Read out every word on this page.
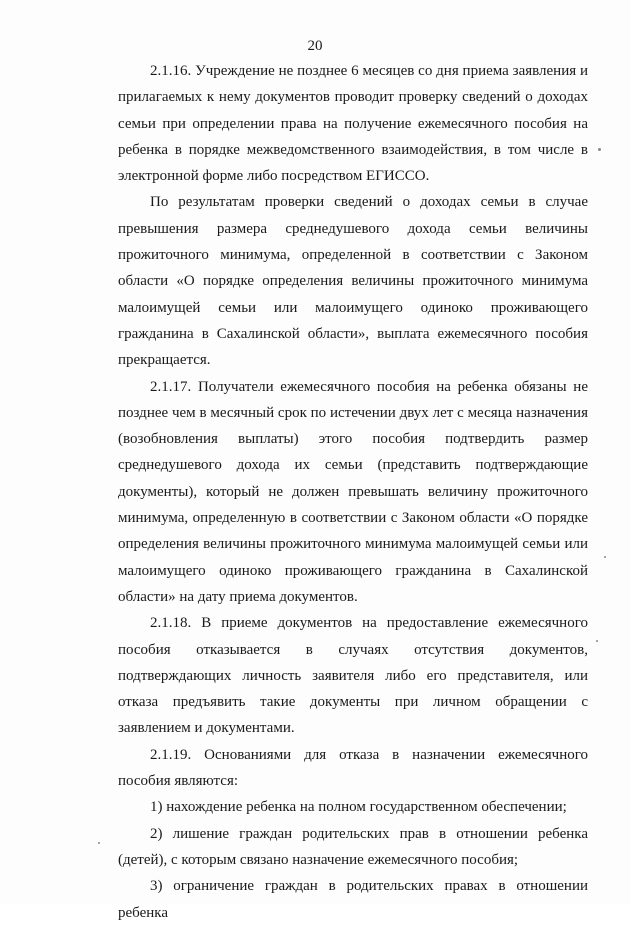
20

2.1.16. Учреждение не позднее 6 месяцев со дня приема заявления и прилагаемых к нему документов проводит проверку сведений о доходах семьи при определении права на получение ежемесячного пособия на ребенка в порядке межведомственного взаимодействия, в том числе в электронной форме либо посредством ЕГИССО.

По результатам проверки сведений о доходах семьи в случае превышения размера среднедушевого дохода семьи величины прожиточного минимума, определенной в соответствии с Законом области «О порядке определения величины прожиточного минимума малоимущей семьи или малоимущего одиноко проживающего гражданина в Сахалинской области», выплата ежемесячного пособия прекращается.

2.1.17. Получатели ежемесячного пособия на ребенка обязаны не позднее чем в месячный срок по истечении двух лет с месяца назначения (возобновления выплаты) этого пособия подтвердить размер среднедушевого дохода их семьи (представить подтверждающие документы), который не должен превышать величину прожиточного минимума, определенную в соответствии с Законом области «О порядке определения величины прожиточного минимума малоимущей семьи или малоимущего одиноко проживающего гражданина в Сахалинской области» на дату приема документов.

2.1.18. В приеме документов на предоставление ежемесячного пособия отказывается в случаях отсутствия документов, подтверждающих личность заявителя либо его представителя, или отказа предъявить такие документы при личном обращении с заявлением и документами.

2.1.19. Основаниями для отказа в назначении ежемесячного пособия являются:

1) нахождение ребенка на полном государственном обеспечении;

2) лишение граждан родительских прав в отношении ребенка (детей), с которым связано назначение ежемесячного пособия;

3) ограничение граждан в родительских правах в отношении ребенка
